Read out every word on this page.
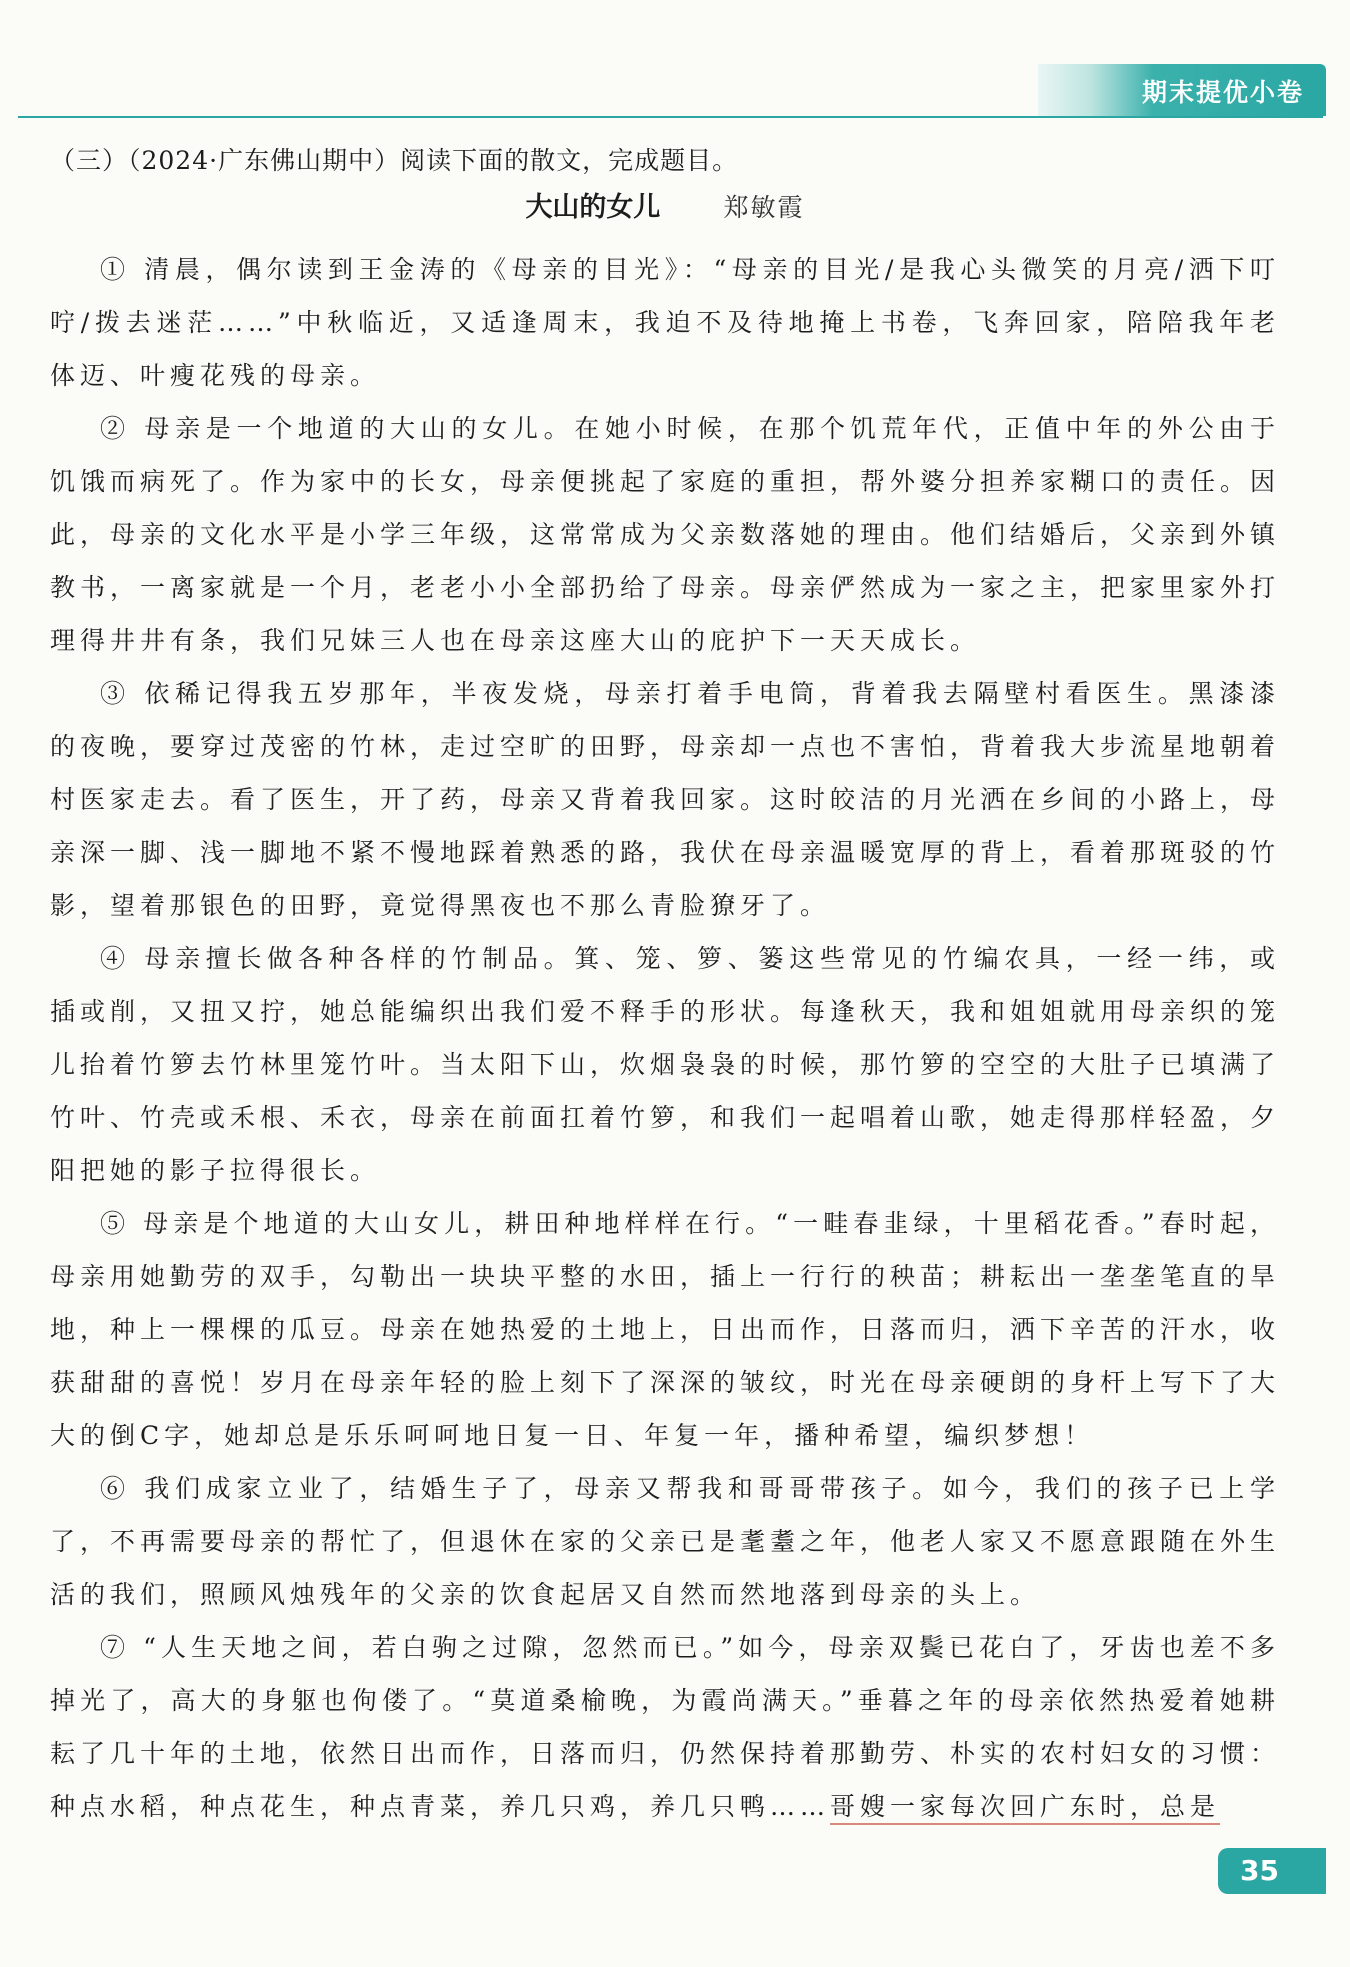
期末提优小卷

（三）（2024·广东佛山期中）阅读下面的散文，完成题目。

大山的女儿	郑敏霞

① 清晨，偶尔读到王金涛的《母亲的目光》：“母亲的目光/是我心头微笑的月亮/洒下叮咛/拨去迷茫……”中秋临近，又适逢周末，我迫不及待地掩上书卷，飞奔回家，陪陪我年老体迈、叶瘦花残的母亲。

② 母亲是一个地道的大山的女儿。在她小时候，在那个饥荒年代，正值中年的外公由于饥饿而病死了。作为家中的长女，母亲便挑起了家庭的重担，帮外婆分担养家糊口的责任。因此，母亲的文化水平是小学三年级，这常常成为父亲数落她的理由。他们结婚后，父亲到外镇教书，一离家就是一个月，老老小小全部扔给了母亲。母亲俨然成为一家之主，把家里家外打理得井井有条，我们兄妹三人也在母亲这座大山的庇护下一天天成长。

③ 依稀记得我五岁那年，半夜发烧，母亲打着手电筒，背着我去隔壁村看医生。黑漆漆的夜晚，要穿过茂密的竹林，走过空旷的田野，母亲却一点也不害怕，背着我大步流星地朝着村医家走去。看了医生，开了药，母亲又背着我回家。这时皎洁的月光洒在乡间的小路上，母亲深一脚、浅一脚地不紧不慢地踩着熟悉的路，我伏在母亲温暖宽厚的背上，看着那斑驳的竹影，望着那银色的田野，竟觉得黑夜也不那么青脸獠牙了。

④ 母亲擅长做各种各样的竹制品。箕、笼、箩、篓这些常见的竹编农具，一经一纬，或插或削，又扭又拧，她总能编织出我们爱不释手的形状。每逢秋天，我和姐姐就用母亲织的笼儿抬着竹箩去竹林里笼竹叶。当太阳下山，炊烟袅袅的时候，那竹箩的空空的大肚子已填满了竹叶、竹壳或禾根、禾衣，母亲在前面扛着竹箩，和我们一起唱着山歌，她走得那样轻盈，夕阳把她的影子拉得很长。

⑤ 母亲是个地道的大山女儿，耕田种地样样在行。“一畦春韭绿，十里稻花香。”春时起，母亲用她勤劳的双手，勾勒出一块块平整的水田，插上一行行的秧苗；耕耘出一垄垄笔直的旱地，种上一棵棵的瓜豆。母亲在她热爱的土地上，日出而作，日落而归，洒下辛苦的汗水，收获甜甜的喜悦！岁月在母亲年轻的脸上刻下了深深的皱纹，时光在母亲硬朗的身杆上写下了大大的倒C字，她却总是乐乐呵呵地日复一日、年复一年，播种希望，编织梦想！

⑥ 我们成家立业了，结婚生子了，母亲又帮我和哥哥带孩子。如今，我们的孩子已上学了，不再需要母亲的帮忙了，但退休在家的父亲已是耄耋之年，他老人家又不愿意跟随在外生活的我们，照顾风烛残年的父亲的饮食起居又自然而然地落到母亲的头上。

⑦ “人生天地之间，若白驹之过隙，忽然而已。”如今，母亲双鬓已花白了，牙齿也差不多掉光了，高大的身躯也佝偻了。“莫道桑榆晚，为霞尚满天。”垂暮之年的母亲依然热爱着她耕耘了几十年的土地，依然日出而作，日落而归，仍然保持着那勤劳、朴实的农村妇女的习惯：种点水稻，种点花生，种点青菜，养几只鸡，养几只鸭……哥嫂一家每次回广东时，总是

35
